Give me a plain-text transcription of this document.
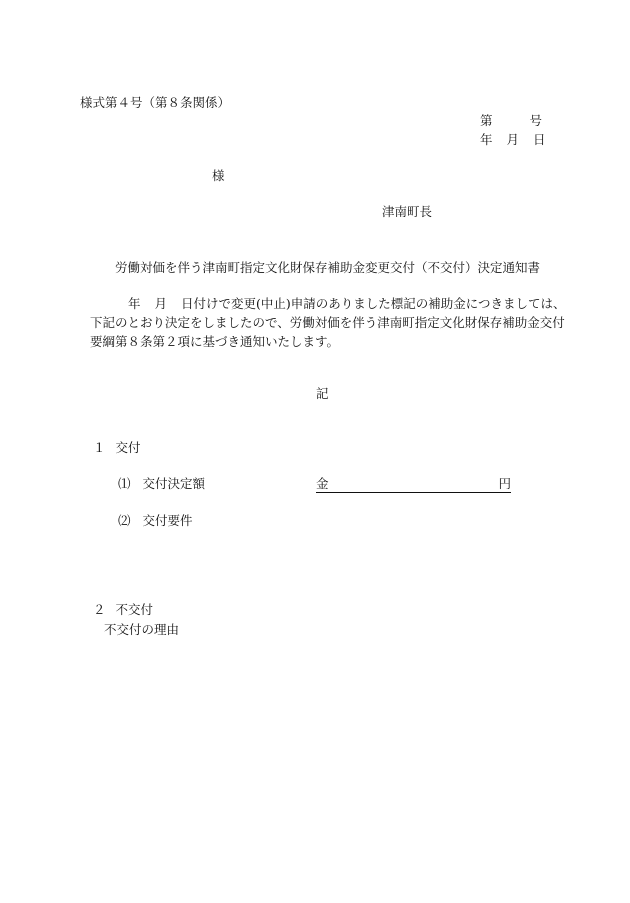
様式第４号（第８条関係）
第	号
年 月 日
様
津南町長
労働対価を伴う津南町指定文化財保存補助金変更交付（不交付）決定通知書
年 月 日付けで変更(中止)申請のありました標記の補助金につきましては、
下記のとおり決定をしましたので、労働対価を伴う津南町指定文化財保存補助金交付
要綱第８条第２項に基づき通知いたします。
記
１ 交付
⑴ 交付決定額	金	円
⑵ 交付要件
２ 不交付
不交付の理由
